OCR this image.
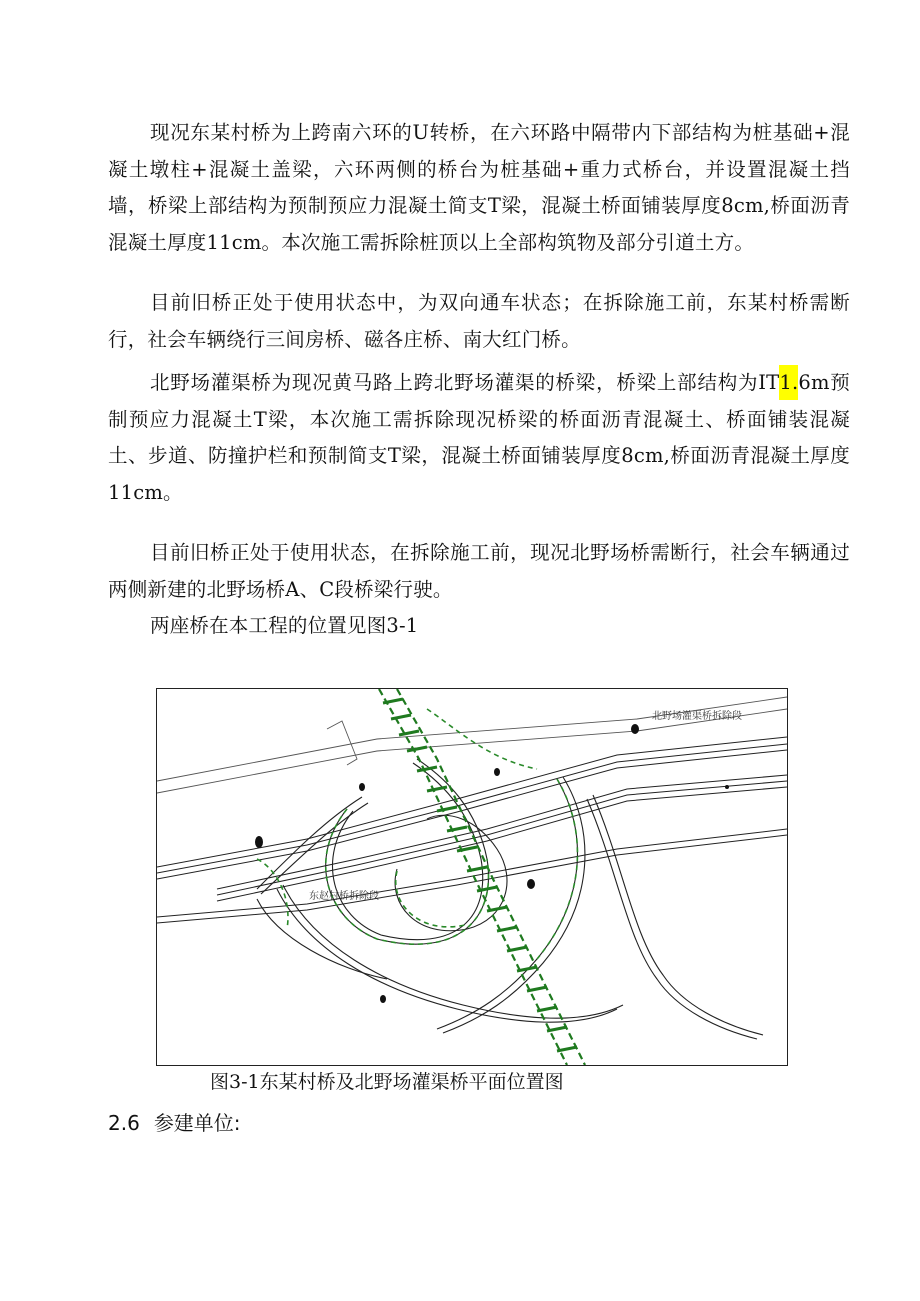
现况东某村桥为上跨南六环的U转桥，在六环路中隔带内下部结构为桩基础+混凝土墩柱+混凝土盖梁，六环两侧的桥台为桩基础+重力式桥台，并设置混凝土挡墙，桥梁上部结构为预制预应力混凝土简支T梁，混凝土桥面铺装厚度8cm,桥面沥青混凝土厚度11cm。本次施工需拆除桩顶以上全部构筑物及部分引道土方。

目前旧桥正处于使用状态中，为双向通车状态；在拆除施工前，东某村桥需断行，社会车辆绕行三间房桥、磁各庄桥、南大红门桥。

北野场灌渠桥为现况黄马路上跨北野场灌渠的桥梁，桥梁上部结构为IT1.6m预制预应力混凝土T梁，本次施工需拆除现况桥梁的桥面沥青混凝土、桥面铺装混凝土、步道、防撞护栏和预制简支T梁，混凝土桥面铺装厚度8cm,桥面沥青混凝土厚度11cm。

目前旧桥正处于使用状态，在拆除施工前，现况北野场桥需断行，社会车辆通过两侧新建的北野场桥A、C段桥梁行驶。

两座桥在本工程的位置见图3-1

北野场灌渠桥拆除段
东赵村桥拆除段
图3-1东某村桥及北野场灌渠桥平面位置图
2.6 参建单位:
